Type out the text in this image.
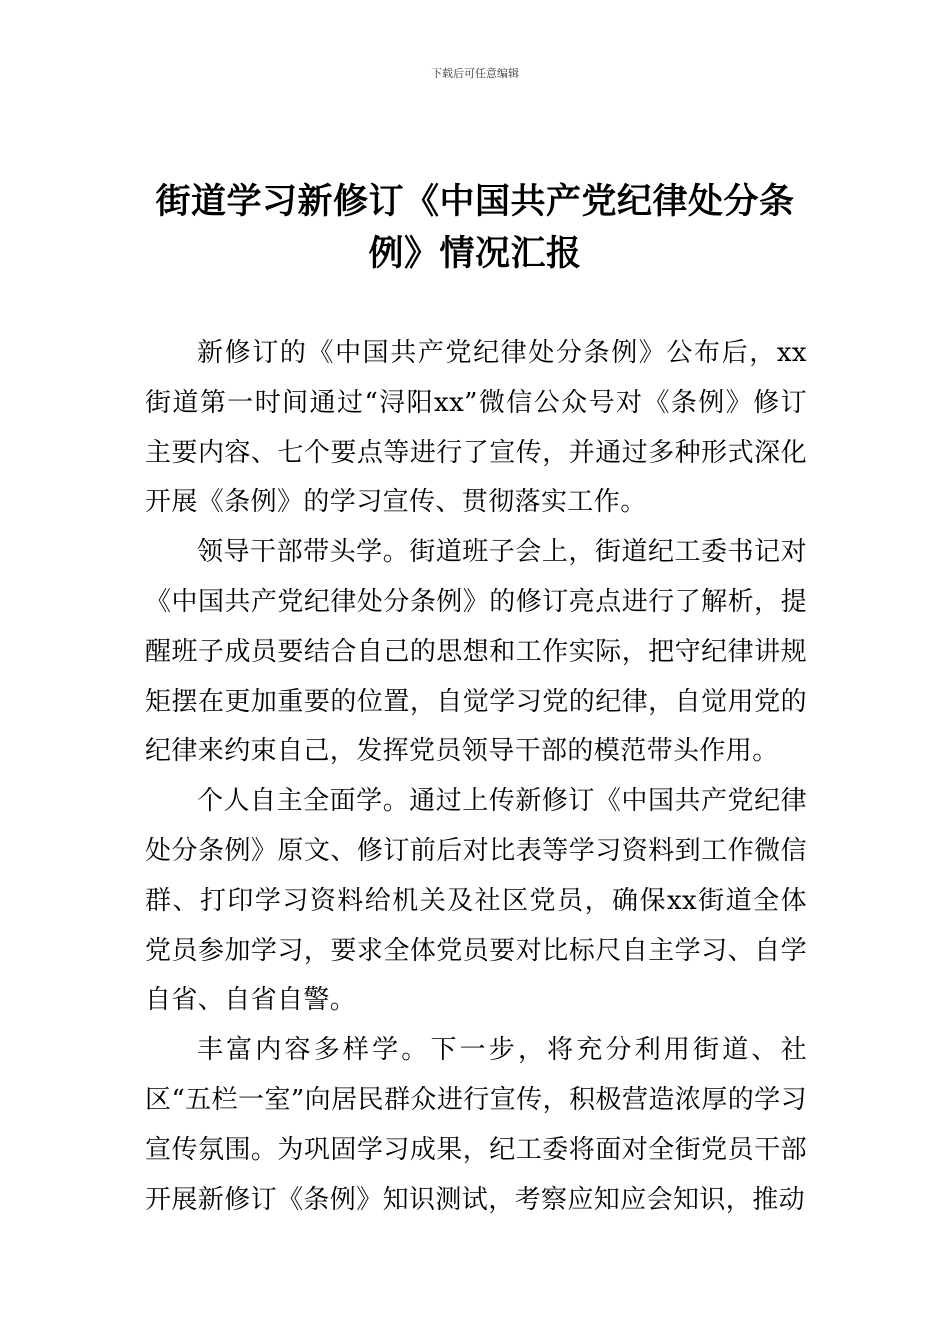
下载后可任意编辑
街道学习新修订《中国共产党纪律处分条例》情况汇报

新修订的《中国共产党纪律处分条例》公布后，xx街道第一时间通过“浔阳xx”微信公众号对《条例》修订主要内容、七个要点等进行了宣传，并通过多种形式深化开展《条例》的学习宣传、贯彻落实工作。

领导干部带头学。街道班子会上，街道纪工委书记对《中国共产党纪律处分条例》的修订亮点进行了解析，提醒班子成员要结合自己的思想和工作实际，把守纪律讲规矩摆在更加重要的位置，自觉学习党的纪律，自觉用党的纪律来约束自己，发挥党员领导干部的模范带头作用。

个人自主全面学。通过上传新修订《中国共产党纪律处分条例》原文、修订前后对比表等学习资料到工作微信群、打印学习资料给机关及社区党员，确保xx街道全体党员参加学习，要求全体党员要对比标尺自主学习、自学自省、自省自警。

丰富内容多样学。下一步，将充分利用街道、社区“五栏一室”向居民群众进行宣传，积极营造浓厚的学习宣传氛围。为巩固学习成果，纪工委将面对全街党员干部开展新修订《条例》知识测试，考察应知应会知识，推动
